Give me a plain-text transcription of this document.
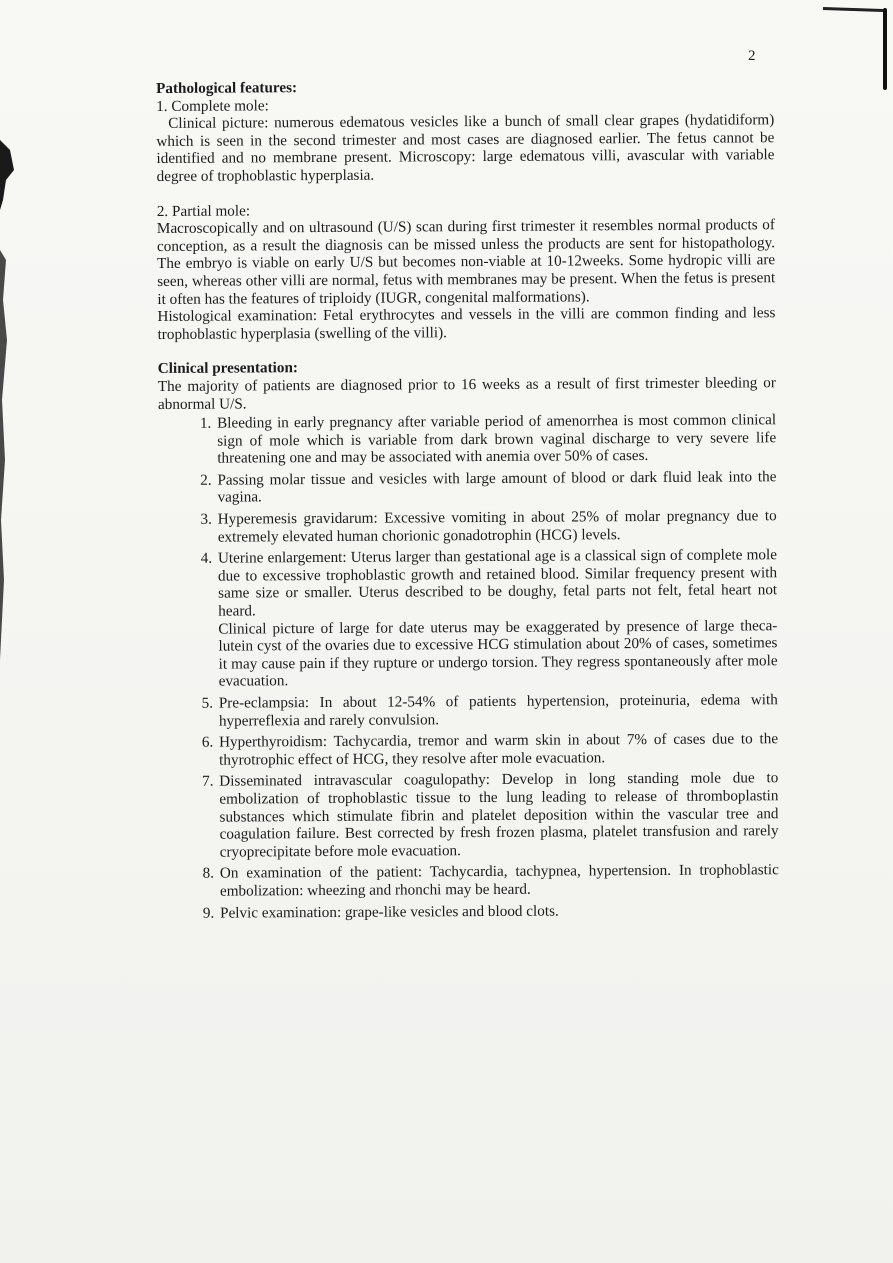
2
Pathological features:
1. Complete mole:

Clinical picture: numerous edematous vesicles like a bunch of small clear grapes (hydatidiform) which is seen in the second trimester and most cases are diagnosed earlier. The fetus cannot be identified and no membrane present. Microscopy: large edematous villi, avascular with variable degree of trophoblastic hyperplasia.

2. Partial mole:

Macroscopically and on ultrasound (U/S) scan during first trimester it resembles normal products of conception, as a result the diagnosis can be missed unless the products are sent for histopathology. The embryo is viable on early U/S but becomes non-viable at 10-12weeks. Some hydropic villi are seen, whereas other villi are normal, fetus with membranes may be present. When the fetus is present it often has the features of triploidy (IUGR, congenital malformations).

Histological examination: Fetal erythrocytes and vessels in the villi are common finding and less trophoblastic hyperplasia (swelling of the villi).

Clinical presentation:

The majority of patients are diagnosed prior to 16 weeks as a result of first trimester bleeding or abnormal U/S.

1. Bleeding in early pregnancy after variable period of amenorrhea is most common clinical sign of mole which is variable from dark brown vaginal discharge to very severe life threatening one and may be associated with anemia over 50% of cases.
2. Passing molar tissue and vesicles with large amount of blood or dark fluid leak into the vagina.
3. Hyperemesis gravidarum: Excessive vomiting in about 25% of molar pregnancy due to extremely elevated human chorionic gonadotrophin (HCG) levels.
4. Uterine enlargement: Uterus larger than gestational age is a classical sign of complete mole due to excessive trophoblastic growth and retained blood. Similar frequency present with same size or smaller. Uterus described to be doughy, fetal parts not felt, fetal heart not heard.

Clinical picture of large for date uterus may be exaggerated by presence of large theca-lutein cyst of the ovaries due to excessive HCG stimulation about 20% of cases, sometimes it may cause pain if they rupture or undergo torsion. They regress spontaneously after mole evacuation.

5. Pre-eclampsia: In about 12-54% of patients hypertension, proteinuria, edema with hyperreflexia and rarely convulsion.
6. Hyperthyroidism: Tachycardia, tremor and warm skin in about 7% of cases due to the thyrotrophic effect of HCG, they resolve after mole evacuation.
7. Disseminated intravascular coagulopathy: Develop in long standing mole due to embolization of trophoblastic tissue to the lung leading to release of thromboplastin substances which stimulate fibrin and platelet deposition within the vascular tree and coagulation failure. Best corrected by fresh frozen plasma, platelet transfusion and rarely cryoprecipitate before mole evacuation.
8. On examination of the patient: Tachycardia, tachypnea, hypertension. In trophoblastic embolization: wheezing and rhonchi may be heard.
9. Pelvic examination: grape-like vesicles and blood clots.
